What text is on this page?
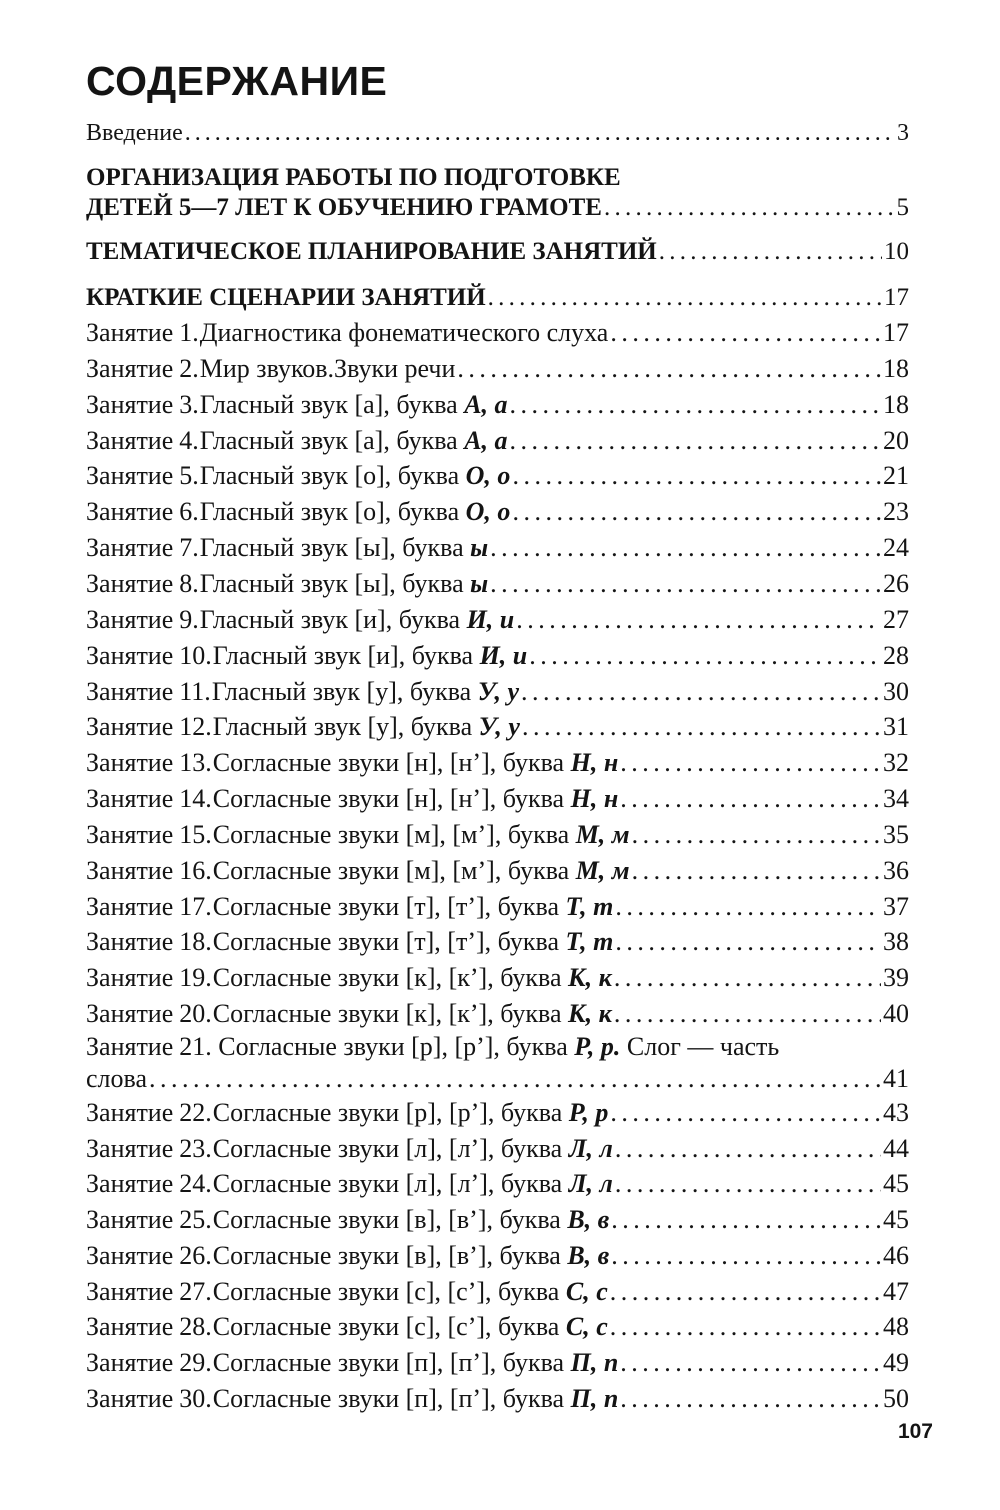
СОДЕРЖАНИЕ
Введение . . .	3
ОРГАНИЗАЦИЯ РАБОТЫ ПО ПОДГОТОВКЕ
ДЕТЕЙ 5—7 ЛЕТ К ОБУЧЕНИЮ ГРАМОТЕ . . .	5
ТЕМАТИЧЕСКОЕ ПЛАНИРОВАНИЕ ЗАНЯТИЙ . . .	10
КРАТКИЕ СЦЕНАРИИ ЗАНЯТИЙ . . .	17
Занятие 1. Диагностика фонематического слуха . . .	17
Занятие 2. Мир звуков.Звуки речи . . .	18
Занятие 3. Гласный звук [а], буква
А, а . . .	18
Занятие 4. Гласный звук [а], буква
А, а . . .	20
Занятие 5. Гласный звук [о], буква
О, о . . .	21
Занятие 6. Гласный звук [о], буква
О, о . . .	23
Занятие 7. Гласный звук [ы], буква
ы . . .	24
Занятие 8. Гласный звук [ы], буква
ы . . .	26
Занятие 9. Гласный звук [и], буква
И, и . . .	27
Занятие 10. Гласный звук [и], буква
И, и . . .	28
Занятие 11. Гласный звук [у], буква
У, у . . .	30
Занятие 12. Гласный звук [у], буква
У, у . . .	31
Занятие 13. Согласные звуки [н], [н’], буква
Н, н . . .	32
Занятие 14. Согласные звуки [н], [н’], буква
Н, н . . .	34
Занятие 15. Согласные звуки [м], [м’], буква
М, м . . .	35
Занятие 16. Согласные звуки [м], [м’], буква
М, м . . .	36
Занятие 17. Согласные звуки [т], [т’], буква
Т, т . . .	37
Занятие 18. Согласные звуки [т], [т’], буква
Т, т . . .	38
Занятие 19. Согласные звуки [к], [к’], буква
К, к . . .	39
Занятие 20. Согласные звуки [к], [к’], буква
К, к . . .	40
Занятие 21.
Согласные звуки [р], [р’], буква
Р, р.
Слог — часть
слова . . .	41
Занятие 22. Согласные звуки [р], [р’], буква
Р, р . . .	43
Занятие 23. Согласные звуки [л], [л’], буква
Л, л . . .	44
Занятие 24. Согласные звуки [л], [л’], буква
Л, л . . .	45
Занятие 25. Согласные звуки [в], [в’], буква
В, в . . .	45
Занятие 26. Согласные звуки [в], [в’], буква
В, в . . .	46
Занятие 27. Согласные звуки [с], [с’], буква
С, с . . .	47
Занятие 28. Согласные звуки [с], [с’], буква
С, с . . .	48
Занятие 29. Согласные звуки [п], [п’], буква
П, п . . .	49
Занятие 30. Согласные звуки [п], [п’], буква
П, п . . .	50
107
